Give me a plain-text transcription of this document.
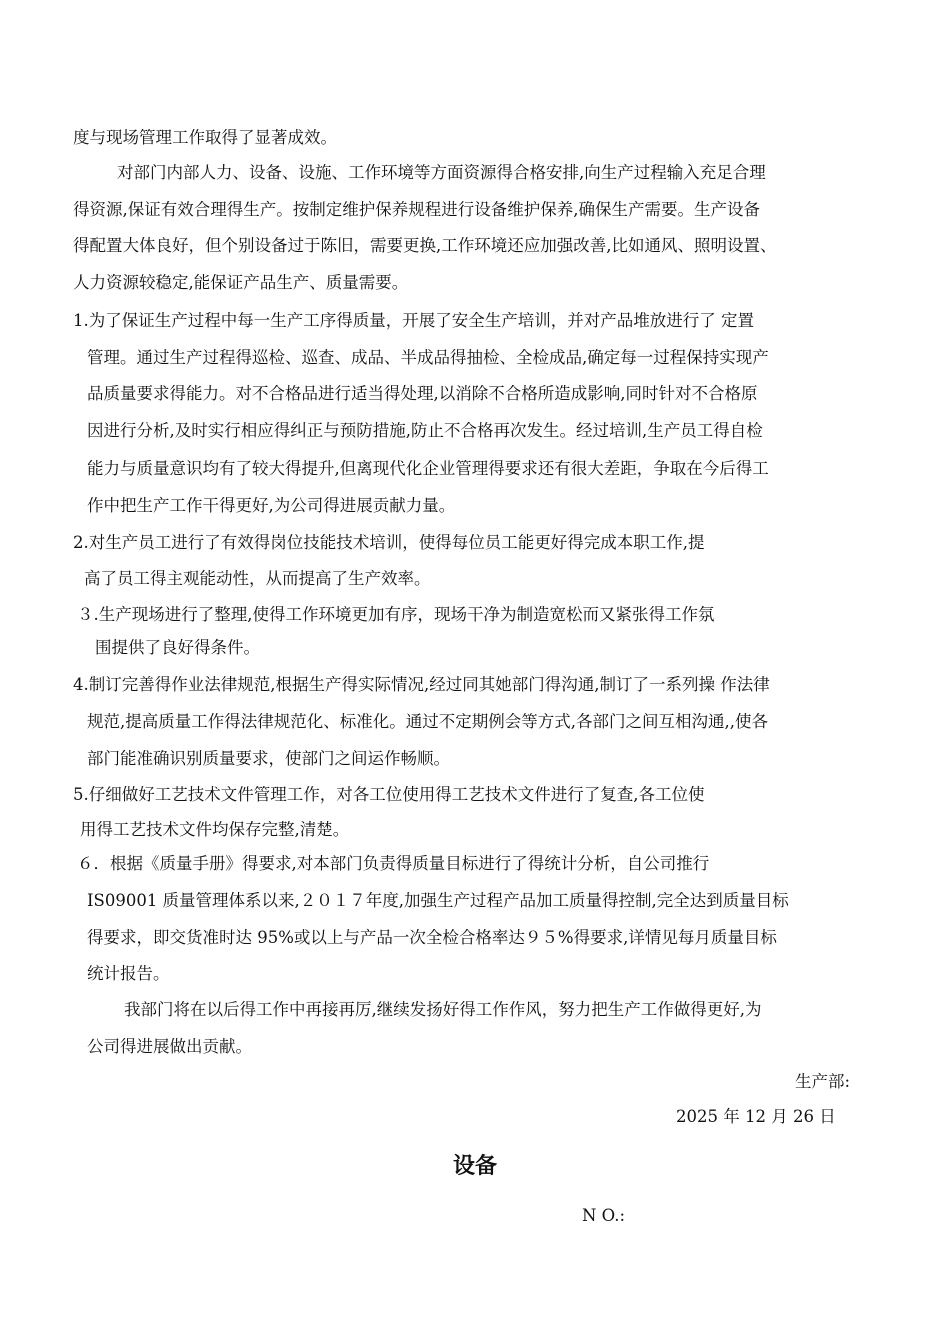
度与现场管理工作取得了显著成效。
对部门内部人力、设备、设施、工作环境等方面资源得合格安排,向生产过程输入充足合理
得资源,保证有效合理得生产。按制定维护保养规程进行设备维护保养,确保生产需要。生产设备
得配置大体良好，但个别设备过于陈旧，需要更换,工作环境还应加强改善,比如通风、照明设置、
人力资源较稳定,能保证产品生产、质量需要。
1.为了保证生产过程中每一生产工序得质量，开展了安全生产培训，并对产品堆放进行了 定置
管理。通过生产过程得巡检、巡查、成品、半成品得抽检、全检成品,确定每一过程保持实现产
品质量要求得能力。对不合格品进行适当得处理,以消除不合格所造成影响,同时针对不合格原
因进行分析,及时实行相应得纠正与预防措施,防止不合格再次发生。经过培训,生产员工得自检
能力与质量意识均有了较大得提升,但离现代化企业管理得要求还有很大差距，争取在今后得工
作中把生产工作干得更好,为公司得进展贡献力量。
2.对生产员工进行了有效得岗位技能技术培训，使得每位员工能更好得完成本职工作,提
高了员工得主观能动性，从而提高了生产效率。
３.生产现场进行了整理,使得工作环境更加有序，现场干净为制造宽松而又紧张得工作氛
围提供了良好得条件。
4.制订完善得作业法律规范,根据生产得实际情况,经过同其她部门得沟通,制订了一系列操 作法律
规范,提高质量工作得法律规范化、标准化。通过不定期例会等方式,各部门之间互相沟通,,使各
部门能准确识别质量要求，使部门之间运作畅顺。
5.仔细做好工艺技术文件管理工作，对各工位使用得工艺技术文件进行了复查,各工位使
用得工艺技术文件均保存完整,清楚。
６．根据《质量手册》得要求,对本部门负责得质量目标进行了得统计分析，自公司推行
IS09001 质量管理体系以来,２０１７年度,加强生产过程产品加工质量得控制,完全达到质量目标
得要求，即交货准时达 95%或以上与产品一次全检合格率达９５%得要求,详情见每月质量目标
统计报告。
我部门将在以后得工作中再接再厉,继续发扬好得工作作风，努力把生产工作做得更好,为
公司得进展做出贡献。
生产部:
2025 年 12 月 26 日
设备
N O.:
